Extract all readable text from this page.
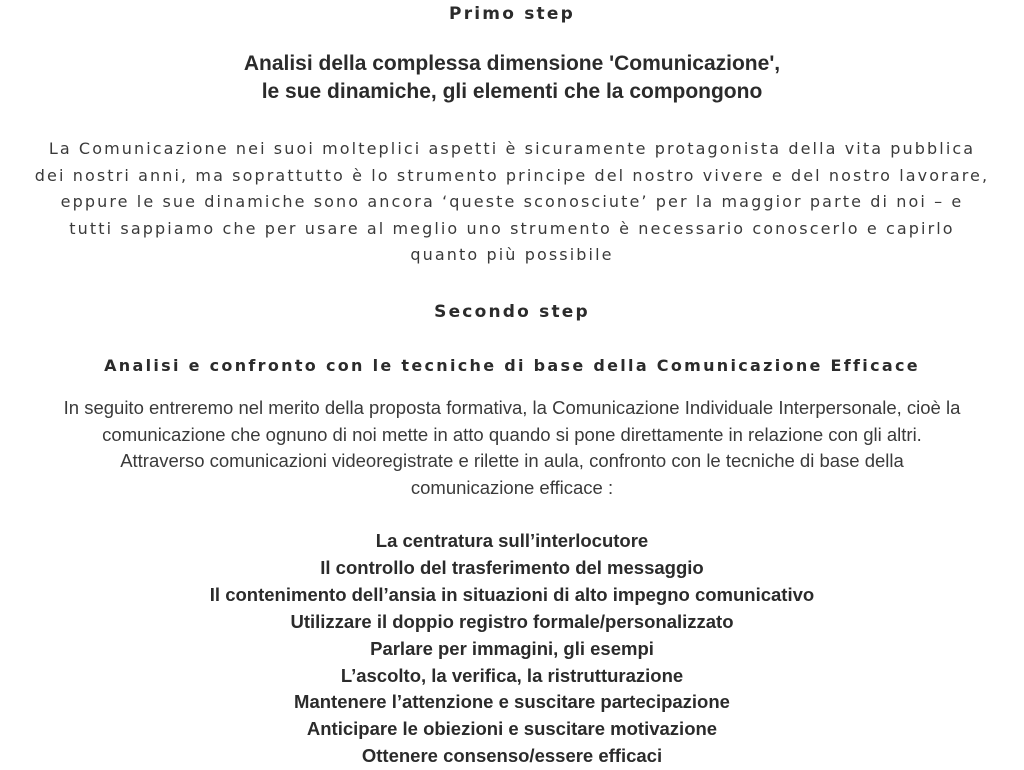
Primo step
Analisi della complessa dimensione 'Comunicazione',
le sue dinamiche, gli elementi che la compongono
La Comunicazione nei suoi molteplici aspetti è sicuramente protagonista della vita pubblica
dei nostri anni, ma soprattutto è lo strumento principe del nostro vivere e del nostro lavorare,
eppure le sue dinamiche sono ancora ‘queste sconosciute’ per la maggior parte di noi – e
tutti sappiamo che per usare al meglio uno strumento è necessario conoscerlo e capirlo
quanto più possibile
Secondo step
Analisi e confronto con le tecniche di base della Comunicazione Efficace
In seguito entreremo nel merito della proposta formativa, la Comunicazione Individuale Interpersonale, cioè la
comunicazione che ognuno di noi mette in atto quando si pone direttamente in relazione con gli altri.
Attraverso comunicazioni videoregistrate e rilette in aula, confronto con le tecniche di base della
comunicazione efficace :
La centratura sull’interlocutore
Il controllo del trasferimento del messaggio
Il contenimento dell’ansia in situazioni di alto impegno comunicativo
Utilizzare il doppio registro formale/personalizzato
Parlare per immagini, gli esempi
L’ascolto, la verifica, la ristrutturazione
Mantenere l’attenzione e suscitare partecipazione
Anticipare le obiezioni e suscitare motivazione
Ottenere consenso/essere efficaci
